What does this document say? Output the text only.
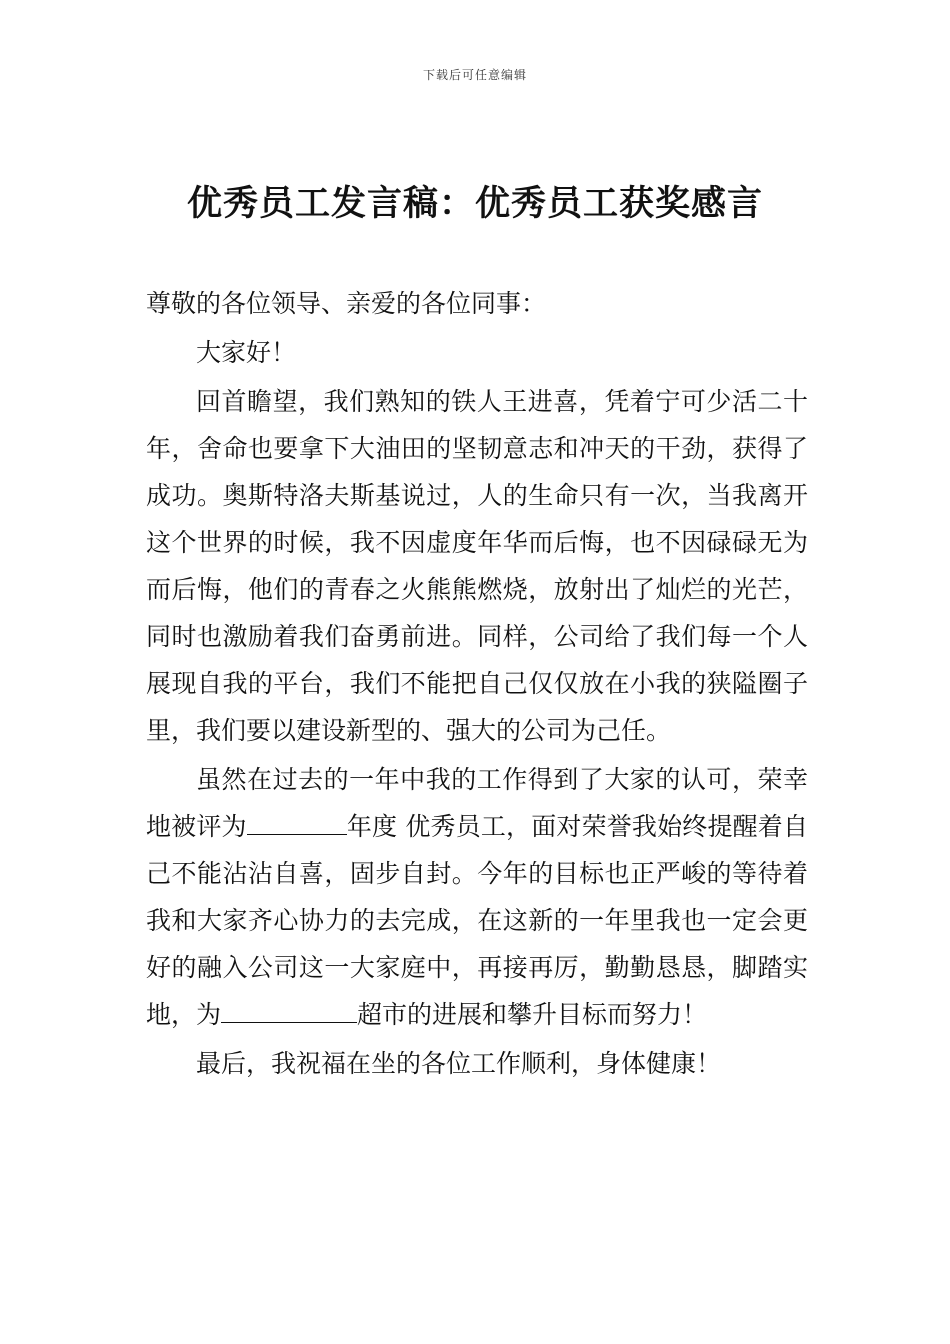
下载后可任意编辑
优秀员工发言稿：优秀员工获奖感言

尊敬的各位领导、亲爱的各位同事：

大家好！

回首瞻望，我们熟知的铁人王进喜，凭着宁可少活二十年，舍命也要拿下大油田的坚韧意志和冲天的干劲，获得了成功。奥斯特洛夫斯基说过，人的生命只有一次，当我离开这个世界的时候，我不因虚度年华而后悔，也不因碌碌无为而后悔，他们的青春之火熊熊燃烧，放射出了灿烂的光芒，同时也激励着我们奋勇前进。同样，公司给了我们每一个人展现自我的平台，我们不能把自己仅仅放在小我的狭隘圈子里，我们要以建设新型的、强大的公司为己任。

虽然在过去的一年中我的工作得到了大家的认可，荣幸地被评为	年度 优秀员工，面对荣誉我始终提醒着自己不能沾沾自喜，固步自封。今年的目标也正严峻的等待着我和大家齐心协力的去完成，在这新的一年里我也一定会更好的融入公司这一大家庭中，再接再厉，勤勤恳恳，脚踏实地，为	超市的进展和攀升目标而努力！

最后，我祝福在坐的各位工作顺利，身体健康！
